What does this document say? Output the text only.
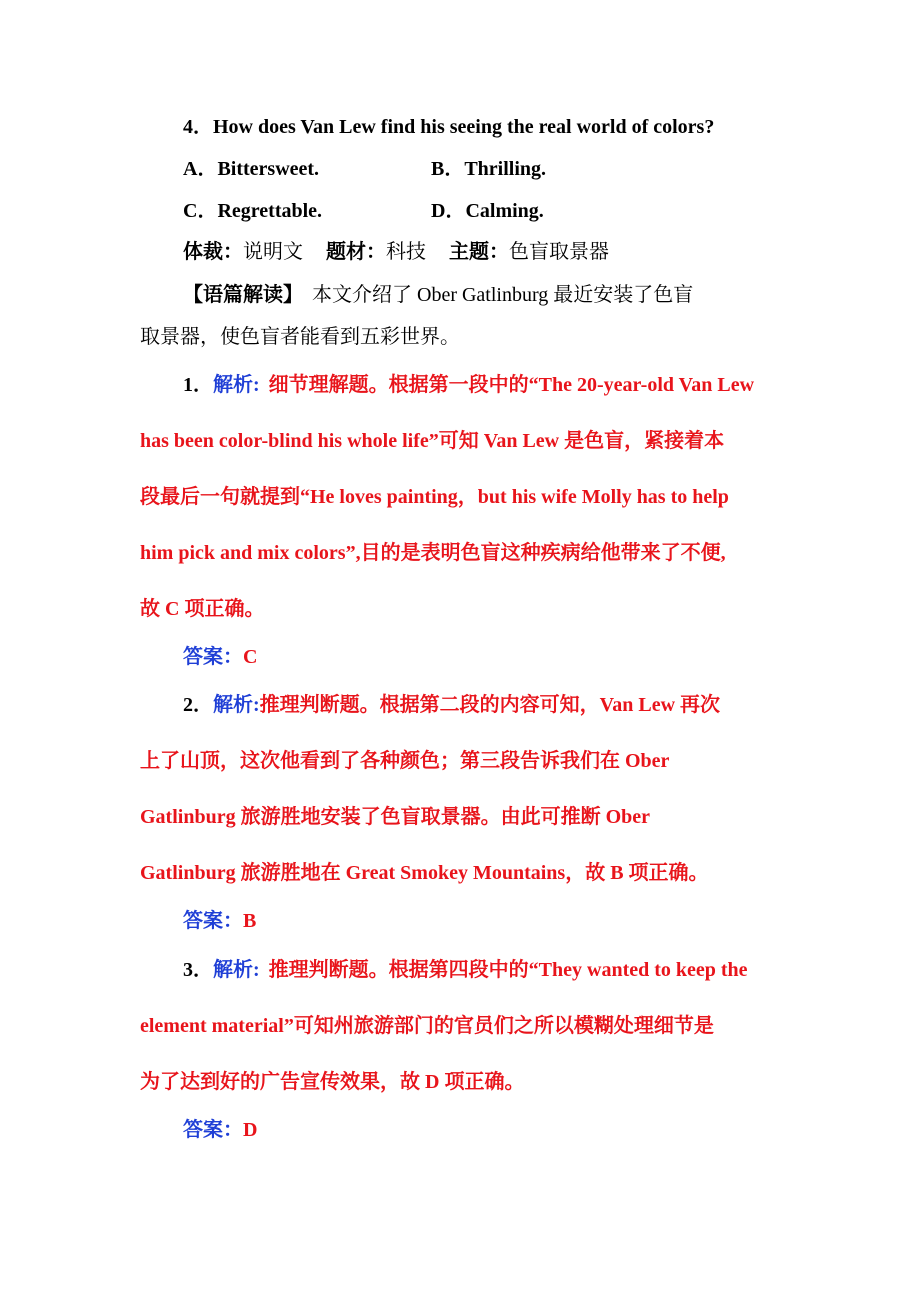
4．How does Van Lew find his seeing the real world of colors?
A．Bittersweet.	B．Thrilling.
C．Regrettable.	D．Calming.
体裁：说明文 题材：科技 主题：色盲取景器
【语篇解读】 本文介绍了 Ober Gatlinburg 最近安装了色盲
取景器，使色盲者能看到五彩世界。
1．解析: 细节理解题。根据第一段中的“The 20-year-old Van Lew
has been color-blind his whole life”可知 Van Lew 是色盲，紧接着本
段最后一句就提到“He loves painting，but his wife Molly has to help
him pick and mix colors”,目的是表明色盲这种疾病给他带来了不便,
故 C 项正确。
答案：C
2．解析:推理判断题。根据第二段的内容可知，Van Lew 再次
上了山顶，这次他看到了各种颜色；第三段告诉我们在 Ober
Gatlinburg 旅游胜地安装了色盲取景器。由此可推断 Ober
Gatlinburg 旅游胜地在 Great Smokey Mountains，故 B 项正确。
答案：B
3．解析: 推理判断题。根据第四段中的“They wanted to keep the
element material”可知州旅游部门的官员们之所以模糊处理细节是
为了达到好的广告宣传效果，故 D 项正确。
答案：D
